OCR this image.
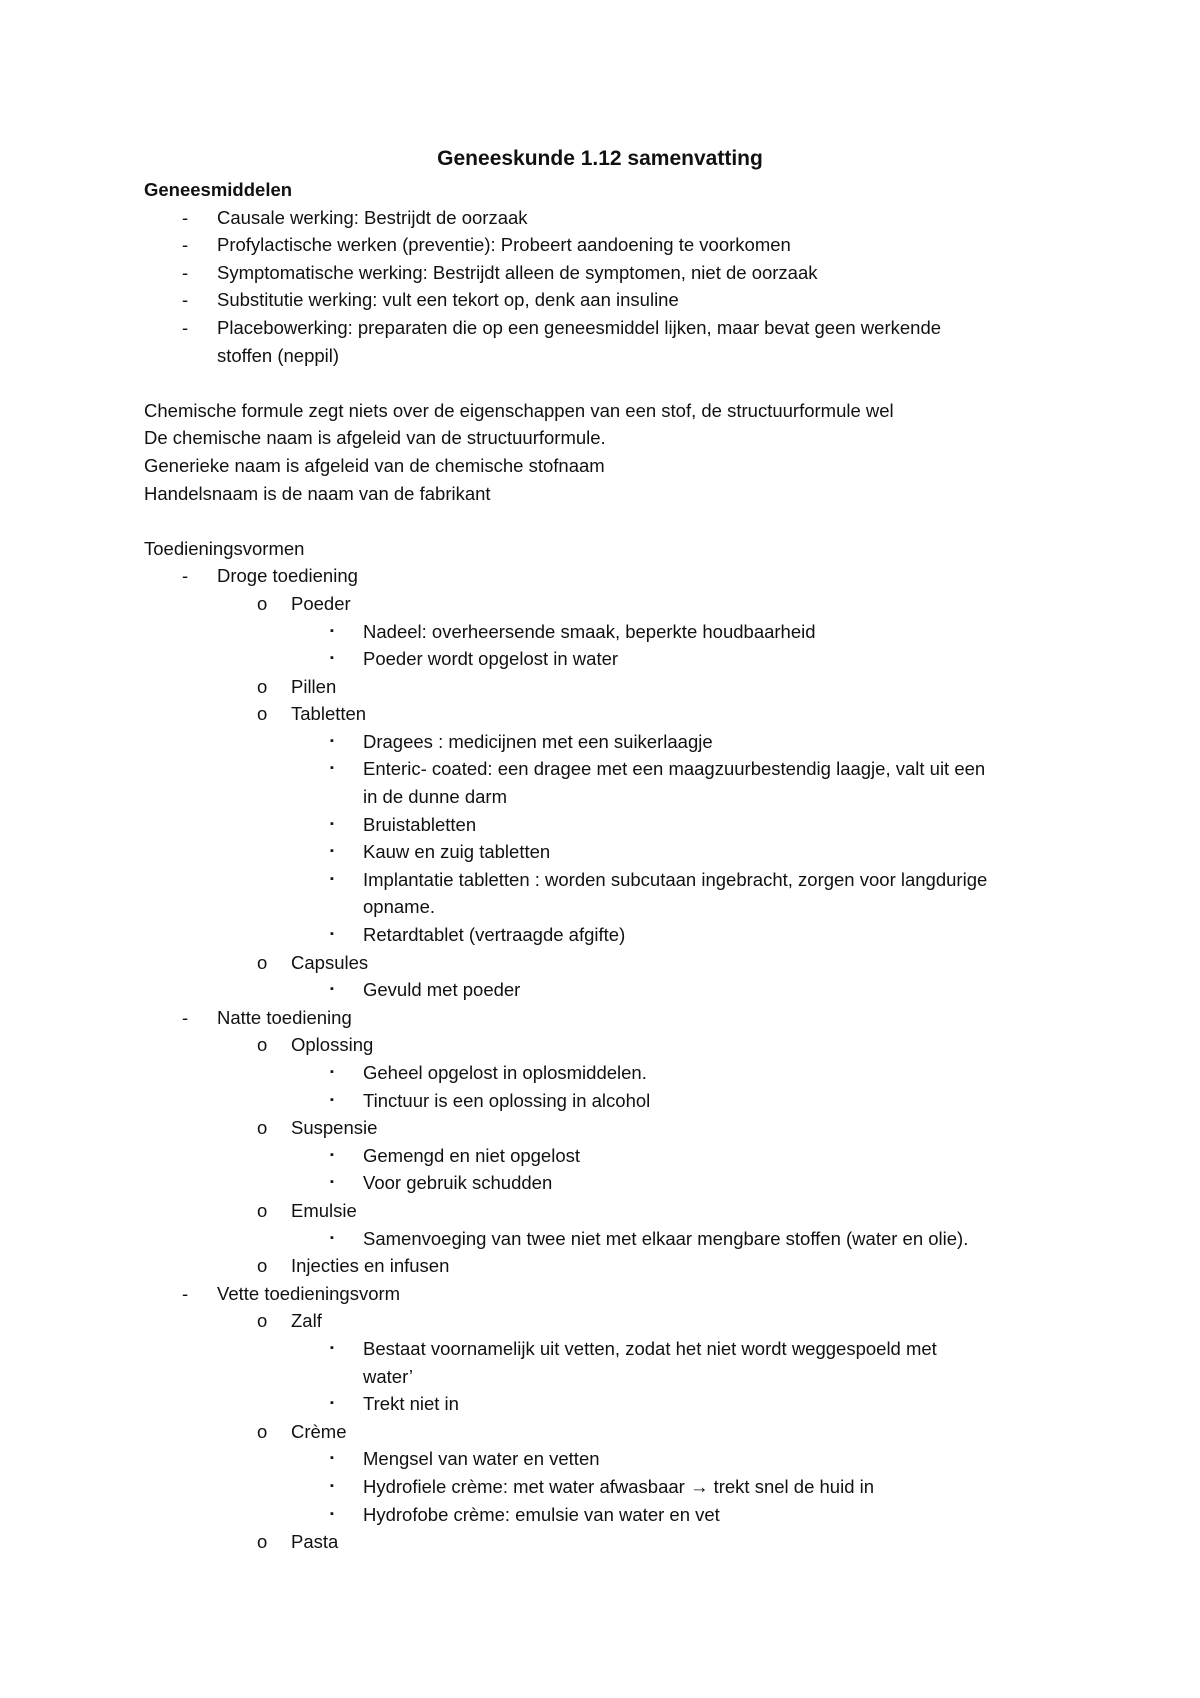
Geneeskunde 1.12 samenvatting
Geneesmiddelen
- Causale werking: Bestrijdt de oorzaak
- Profylactische werken (preventie): Probeert aandoening te voorkomen
- Symptomatische werking: Bestrijdt alleen de symptomen, niet de oorzaak
- Substitutie werking: vult een tekort op, denk aan insuline
- Placebowerking: preparaten die op een geneesmiddel lijken, maar bevat geen werkende
stoffen (neppil)
Chemische formule zegt niets over de eigenschappen van een stof, de structuurformule wel
De chemische naam is afgeleid van de structuurformule.
Generieke naam is afgeleid van de chemische stofnaam
Handelsnaam is de naam van de fabrikant
Toedieningsvormen
- Droge toediening
o Poeder
▪ Nadeel: overheersende smaak, beperkte houdbaarheid
▪ Poeder wordt opgelost in water
o Pillen
o Tabletten
▪ Dragees : medicijnen met een suikerlaagje
▪ Enteric- coated: een dragee met een maagzuurbestendig laagje, valt uit een
in de dunne darm
▪ Bruistabletten
▪ Kauw en zuig tabletten
▪ Implantatie tabletten : worden subcutaan ingebracht, zorgen voor langdurige
opname.
▪ Retardtablet (vertraagde afgifte)
o Capsules
▪ Gevuld met poeder
- Natte toediening
o Oplossing
▪ Geheel opgelost in oplosmiddelen.
▪ Tinctuur is een oplossing in alcohol
o Suspensie
▪ Gemengd en niet opgelost
▪ Voor gebruik schudden
o Emulsie
▪ Samenvoeging van twee niet met elkaar mengbare stoffen (water en olie).
o Injecties en infusen
- Vette toedieningsvorm
o Zalf
▪ Bestaat voornamelijk uit vetten, zodat het niet wordt weggespoeld met
water’
▪ Trekt niet in
o Crème
▪ Mengsel van water en vetten
▪ Hydrofiele crème: met water afwasbaar → trekt snel de huid in
▪ Hydrofobe crème: emulsie van water en vet
o Pasta
